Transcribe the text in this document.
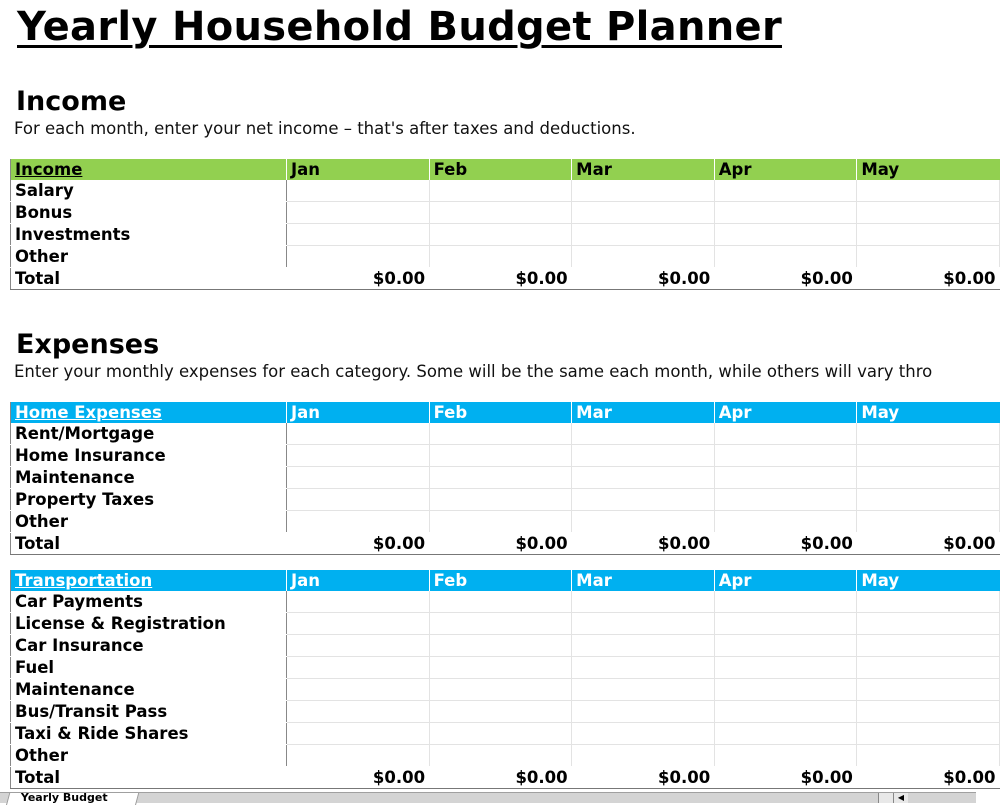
Yearly Household Budget Planner
Income
For each month, enter your net income – that's after taxes and deductions.
Income	Jan	Feb	Mar	Apr	May
Salary					
Bonus					
Investments					
Other					
Total	$0.00	$0.00	$0.00	$0.00	$0.00
Expenses
Enter your monthly expenses for each category. Some will be the same each month, while others will vary thro
Home Expenses	Jan	Feb	Mar	Apr	May
Rent/Mortgage					
Home Insurance					
Maintenance					
Property Taxes					
Other					
Total	$0.00	$0.00	$0.00	$0.00	$0.00
Transportation	Jan	Feb	Mar	Apr	May
Car Payments					
License & Registration					
Car Insurance					
Fuel					
Maintenance					
Bus/Transit Pass					
Taxi & Ride Shares					
Other					
Total	$0.00	$0.00	$0.00	$0.00	$0.00
Yearly Budget	◀
